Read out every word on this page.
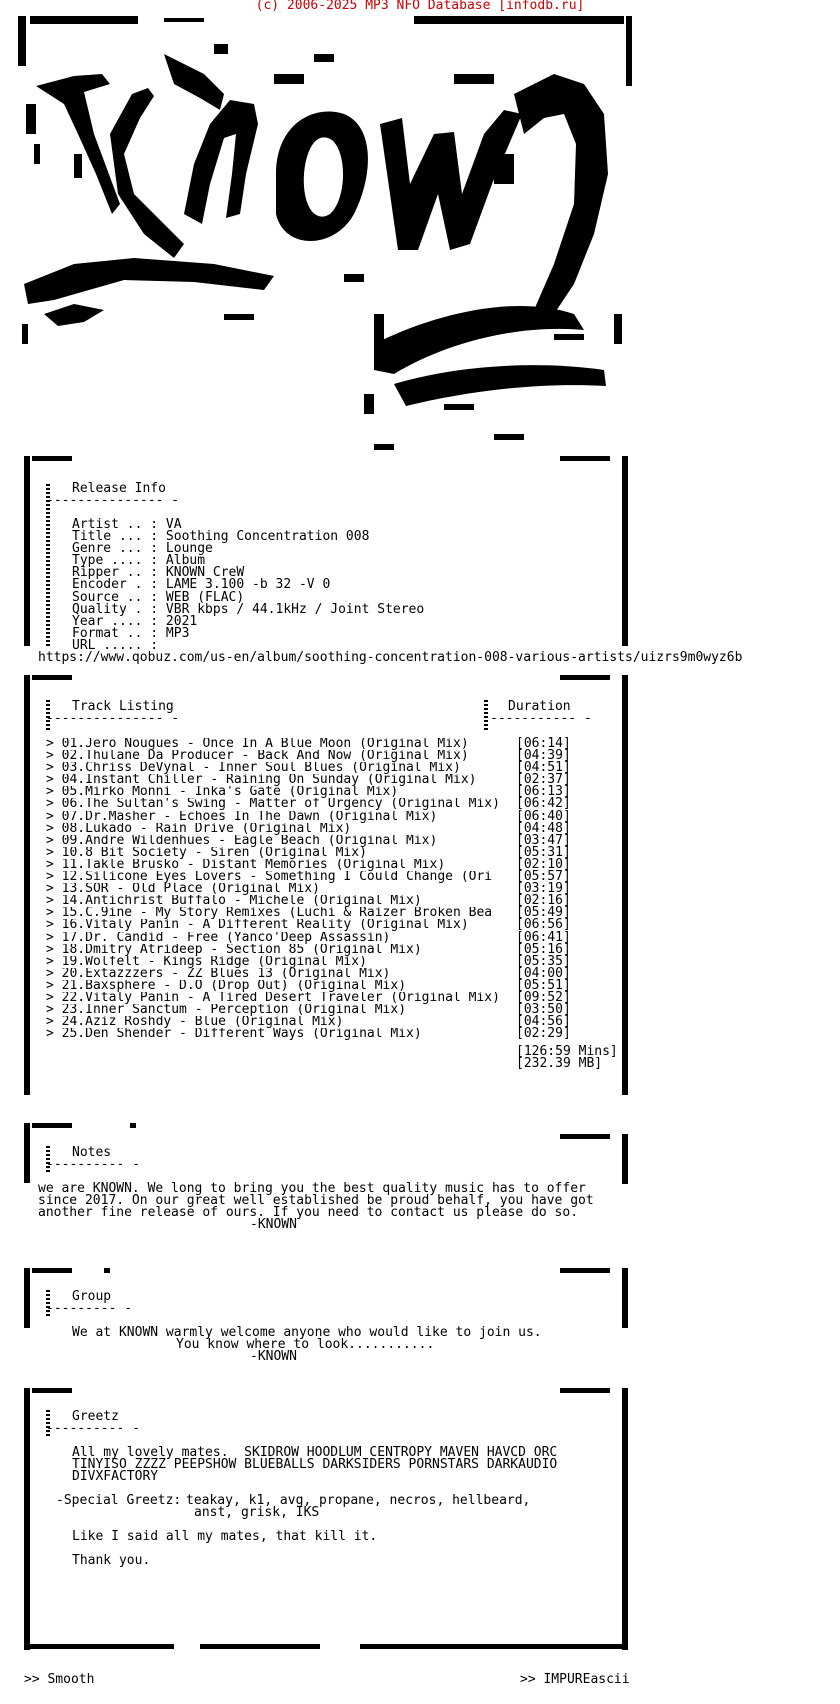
(c) 2006-2025 MP3 NFO Database [infodb.ru]
sM
Release Info
--------------- -
Artist .. : VA
Title ... : Soothing Concentration 008
Genre ... : Lounge
Type .... : Album
Ripper .. : KNOWN CreW
Encoder . : LAME 3.100 -b 32 -V 0
Source .. : WEB (FLAC)
Quality . : VBR kbps / 44.1kHz / Joint Stereo
Year .... : 2021
Format .. : MP3
URL ..... :
https://www.qobuz.com/us-en/album/soothing-concentration-008-various-artists/uizrs9m0wyz6b
Track Listing
--------------- -
Duration
----------- -
> 01.Jero Nougues - Once In A Blue Moon (Original Mix)	[06:14]
> 02.Thulane Da Producer - Back And Now (Original Mix)	[04:39]
> 03.Chriss DeVynal - Inner Soul Blues (Original Mix)	[04:51]
> 04.Instant Chiller - Raining On Sunday (Original Mix)	[02:37]
> 05.Mirko Monni - Inka's Gate (Original Mix)	[06:13]
> 06.The Sultan's Swing - Matter of Urgency (Original Mix)	[06:42]
> 07.Dr.Masher - Echoes In The Dawn (Original Mix)	[06:40]
> 08.Lukado - Rain Drive (Original Mix)	[04:48]
> 09.Andre Wildenhues - Eagle Beach (Original Mix)	[03:47]
> 10.8 Bit Society - Siren (Original Mix)	[05:31]
> 11.Takle Brusko - Distant Memories (Original Mix)	[02:10]
> 12.Silicone Eyes Lovers - Something I Could Change (Ori	[05:57]
> 13.SOR - Old Place (Original Mix)	[03:19]
> 14.Antichrist Buffalo - Michele (Original Mix)	[02:16]
> 15.C.9ine - My Story Remixes (Luchi & Raizer Broken Bea	[05:49]
> 16.Vitaly Panin - A Different Reality (Original Mix)	[06:56]
> 17.Dr. Candid - Free (Yanco'Deep Assassin)	[06:41]
> 18.Dmitry Atrideep - Section 85 (Original Mix)	[05:16]
> 19.Wolfelt - Kings Ridge (Original Mix)	[05:35]
> 20.Extazzzers - ZZ Blues 13 (Original Mix)	[04:00]
> 21.Baxsphere - D.O (Drop Out) (Original Mix)	[05:51]
> 22.Vitaly Panin - A Tired Desert Traveler (Original Mix)	[09:52]
> 23.Inner Sanctum - Perception (Original Mix)	[03:50]
> 24.Aziz Roshdy - Blue (Original Mix)	[04:56]
> 25.Den Shender - Different Ways (Original Mix)	[02:29]
[126:59 Mins]
[232.39 MB]
Notes
---------- -
we are KNOWN. We long to bring you the best quality music has to offer
since 2017. On our great well established be proud behalf, you have got
another fine release of ours. If you need to contact us please do so.
-KNOWN
Group
--------- -
We at KNOWN warmly welcome anyone who would like to join us.
You know where to look...........
-KNOWN
Greetz
---------- -
All my lovely mates.  SKIDROW HOODLUM CENTROPY MAVEN HAVCD ORC
TINYISO ZZZZ PEEPSHOW BLUEBALLS DARKSIDERS PORNSTARS DARKAUDIO
DIVXFACTORY
-Special Greetz: teakay, k1, avg, propane, necros, hellbeard,
anst, grisk, IKS
Like I said all my mates, that kill it.
Thank you.
>> Smooth	>> IMPUREascii
